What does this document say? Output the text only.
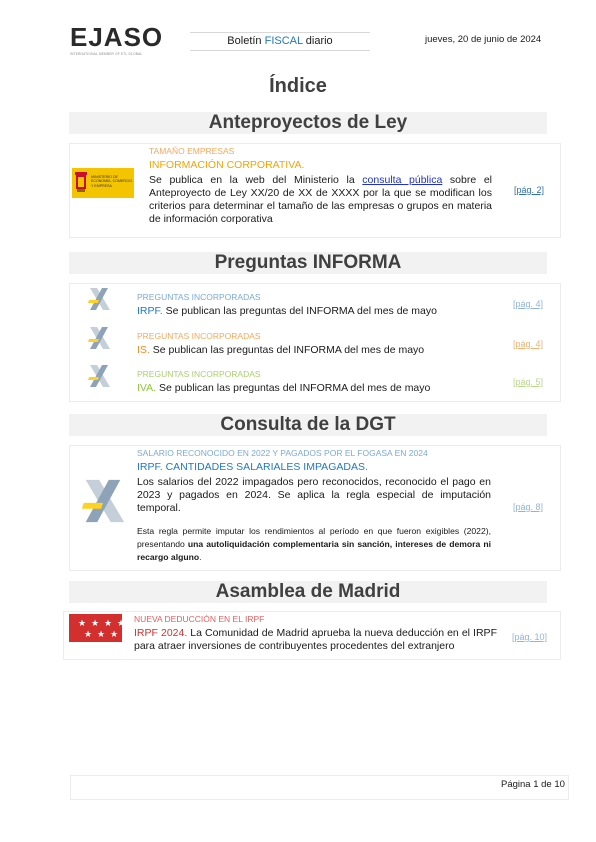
EJASO
INTERNATIONAL MEMBER OF ETL GLOBAL
Boletín FISCAL diario	jueves, 20 de junio de 2024
Índice
Anteproyectos de Ley
MINISTERIO DE ECONOMÍA, COMERCIO Y EMPRESA
TAMAÑO EMPRESAS
INFORMACIÓN CORPORATIVA.
Se publica en la web del Ministerio la consulta pública sobre el Anteproyecto de Ley XX/20 de XX de XXXX por la que se modifican los criterios para determinar el tamaño de las empresas o grupos en materia de información corporativa
[pág. 2]
Preguntas INFORMA
PREGUNTAS INCORPORADAS
IRPF. Se publican las preguntas del INFORMA del mes de mayo
[pág. 4]
PREGUNTAS INCORPORADAS
IS. Se publican las preguntas del INFORMA del mes de mayo	[pág. 4]
PREGUNTAS INCORPORADAS
IVA. Se publican las preguntas del INFORMA del mes de mayo	[pág. 5]
Consulta de la DGT
SALARIO RECONOCIDO EN 2022 Y PAGADOS POR EL FOGASA EN 2024
IRPF. CANTIDADES SALARIALES IMPAGADAS.
Los salarios del 2022 impagados pero reconocidos, reconocido el pago en 2023 y pagados en 2024. Se aplica la regla especial de imputación temporal.
Esta regla permite imputar los rendimientos al período en que fueron exigibles (2022), presentando una autoliquidación complementaria sin sanción, intereses de demora ni recargo alguno.
[pág. 8]
Asamblea de Madrid
★ ★ ★ ★
★ ★ ★
NUEVA DEDUCCIÓN EN EL IRPF
IRPF 2024. La Comunidad de Madrid aprueba la nueva deducción en el IRPF para atraer inversiones de contribuyentes procedentes del extranjero
[pág. 10]
Página 1 de 10
